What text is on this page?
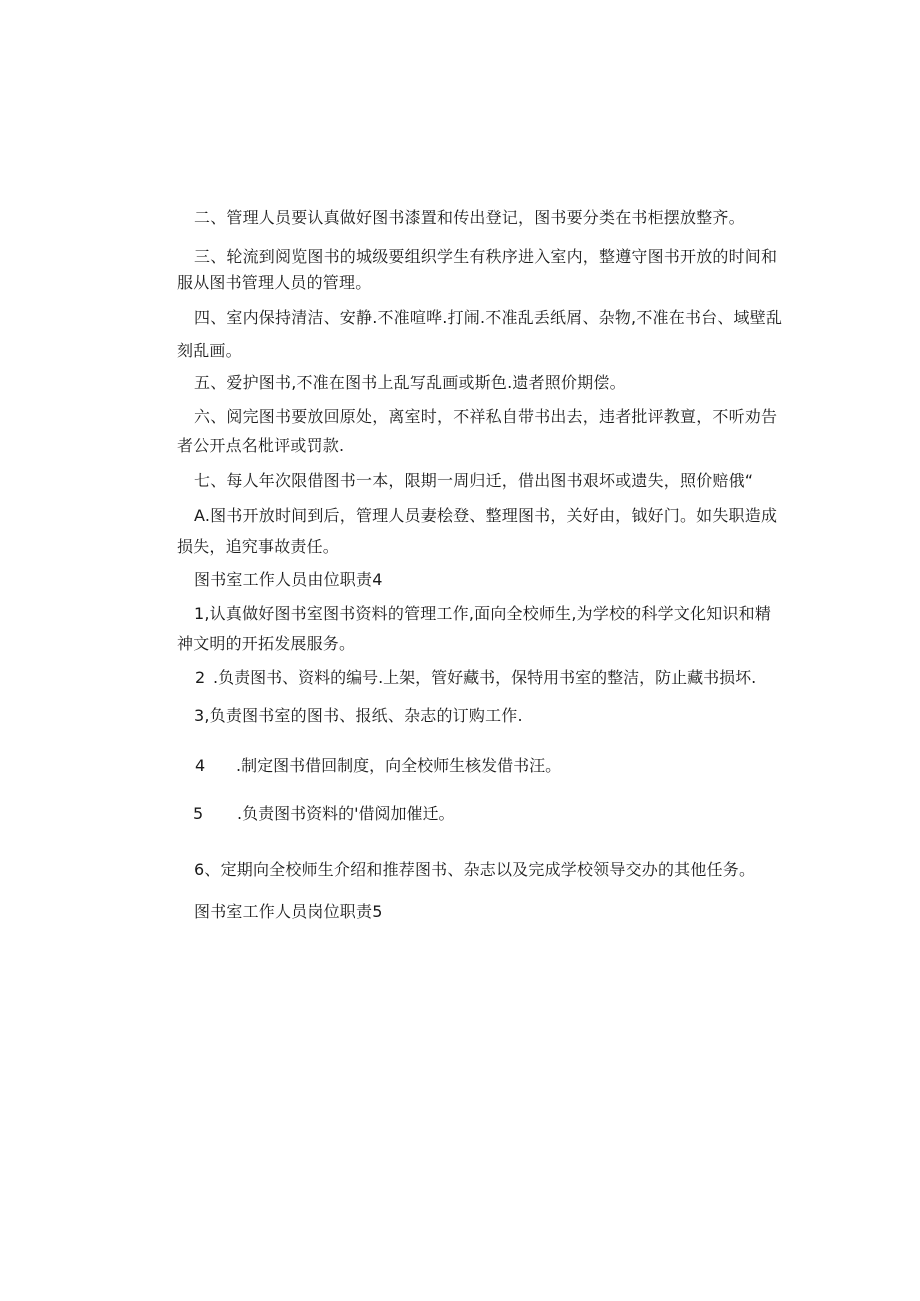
二、管理人员要认真做好图书漆置和传出登记，图书要分类在书柜摆放整齐。
三、轮流到阅览图书的城级要组织学生有秩序进入室内，整遵守图书开放的时间和
服从图书管理人员的管理。
四、室内保持清洁、安静.不准喧哗.打闹.不准乱丢纸屑、杂物,不准在书台、域壁乱
刻乱画。
五、爱护图书,不准在图书上乱写乱画或斯色.遗者照价期偿。
六、阅完图书要放回原处，离室时，不祥私自带书出去，违者批评教亶，不听劝告
者公开点名枇评或罚款.
七、每人年次限借图书一本，限期一周归迁，借出图书艰坏或遗失，照价赔俄“
A.图书开放时间到后，管理人员妻桧登、整理图书，关好由，钺好门。如失职造成
损失，追究事故责任。
图书室工作人员由位职责4
1,认真做好图书室图书资料的管理工作,面向全校师生,为学校的科学文化知识和精
神文明的开拓发展服务。
2 .负责图书、资料的编号.上架，管好藏书，保特用书室的整洁，防止藏书损坏.
3,负责图书室的图书、报纸、杂志的订购工作.
4 .制定图书借回制度，向全校师生核发借书汪。
5 .负责图书资料的'借阅加催迁。
6、定期向全校师生介绍和推荐图书、杂志以及完成学校领导交办的其他任务。
图书室工作人员岗位职责5
